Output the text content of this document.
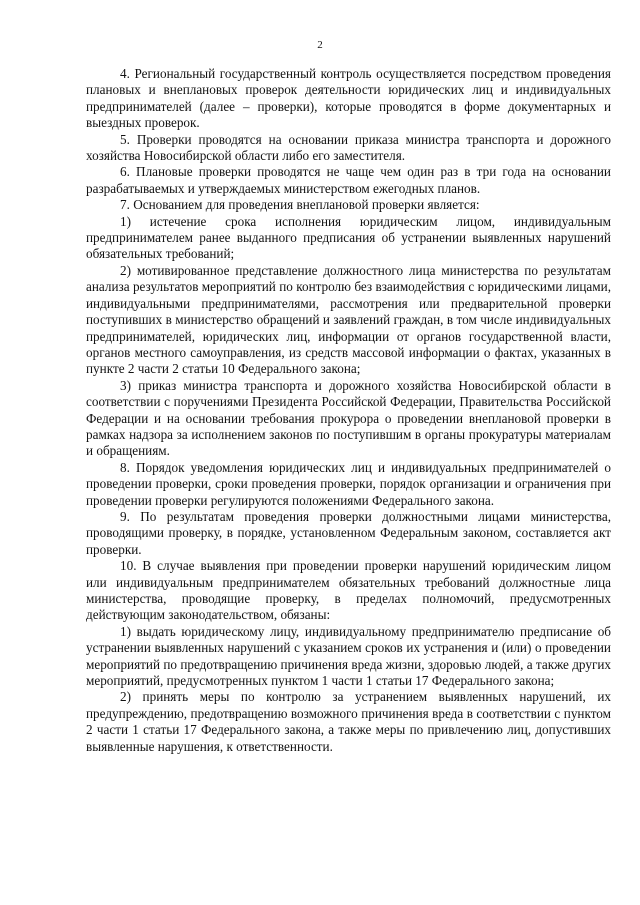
2

4. Региональный государственный контроль осуществляется посредством проведения плановых и внеплановых проверок деятельности юридических лиц и индивидуальных предпринимателей (далее – проверки), которые проводятся в форме документарных и выездных проверок.

5. Проверки проводятся на основании приказа министра транспорта и дорожного хозяйства Новосибирской области либо его заместителя.

6. Плановые проверки проводятся не чаще чем один раз в три года на основании разрабатываемых и утверждаемых министерством ежегодных планов.

7. Основанием для проведения внеплановой проверки является:

1) истечение срока исполнения юридическим лицом, индивидуальным предпринимателем ранее выданного предписания об устранении выявленных нарушений обязательных требований;

2) мотивированное представление должностного лица министерства по результатам анализа результатов мероприятий по контролю без взаимодействия с юридическими лицами, индивидуальными предпринимателями, рассмотрения или предварительной проверки поступивших в министерство обращений и заявлений граждан, в том числе индивидуальных предпринимателей, юридических лиц, информации от органов государственной власти, органов местного самоуправления, из средств массовой информации о фактах, указанных в пункте 2 части 2 статьи 10 Федерального закона;

3) приказ министра транспорта и дорожного хозяйства Новосибирской области в соответствии с поручениями Президента Российской Федерации, Правительства Российской Федерации и на основании требования прокурора о проведении внеплановой проверки в рамках надзора за исполнением законов по поступившим в органы прокуратуры материалам и обращениям.

8. Порядок уведомления юридических лиц и индивидуальных предпринимателей о проведении проверки, сроки проведения проверки, порядок организации и ограничения при проведении проверки регулируются положениями Федерального закона.

9. По результатам проведения проверки должностными лицами министерства, проводящими проверку, в порядке, установленном Федеральным законом, составляется акт проверки.

10. В случае выявления при проведении проверки нарушений юридическим лицом или индивидуальным предпринимателем обязательных требований должностные лица министерства, проводящие проверку, в пределах полномочий, предусмотренных действующим законодательством, обязаны:

1) выдать юридическому лицу, индивидуальному предпринимателю предписание об устранении выявленных нарушений с указанием сроков их устранения и (или) о проведении мероприятий по предотвращению причинения вреда жизни, здоровью людей, а также других мероприятий, предусмотренных пунктом 1 части 1 статьи 17 Федерального закона;

2) принять меры по контролю за устранением выявленных нарушений, их предупреждению, предотвращению возможного причинения вреда в соответствии с пунктом 2 части 1 статьи 17 Федерального закона, а также меры по привлечению лиц, допустивших выявленные нарушения, к ответственности.
